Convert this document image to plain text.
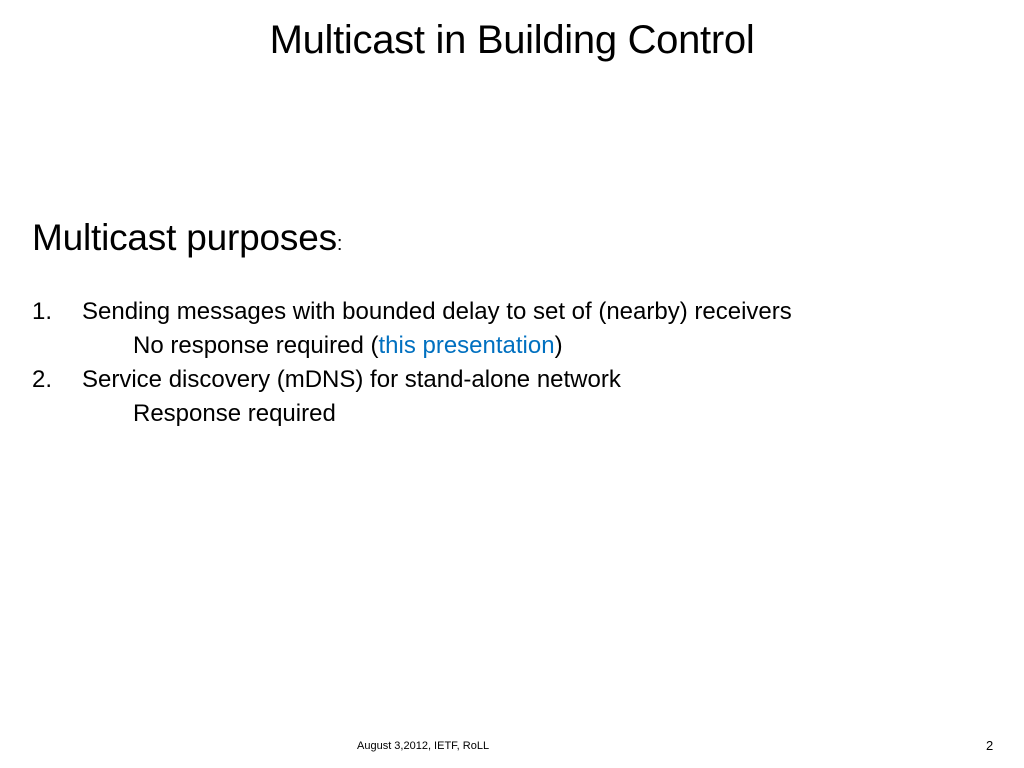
Multicast in Building Control
Multicast purposes:
1. Sending messages with bounded delay to set of (nearby) receivers
No response required (this presentation)
2. Service discovery (mDNS) for stand-alone network
Response required
August 3,2012, IETF, RoLL	2
